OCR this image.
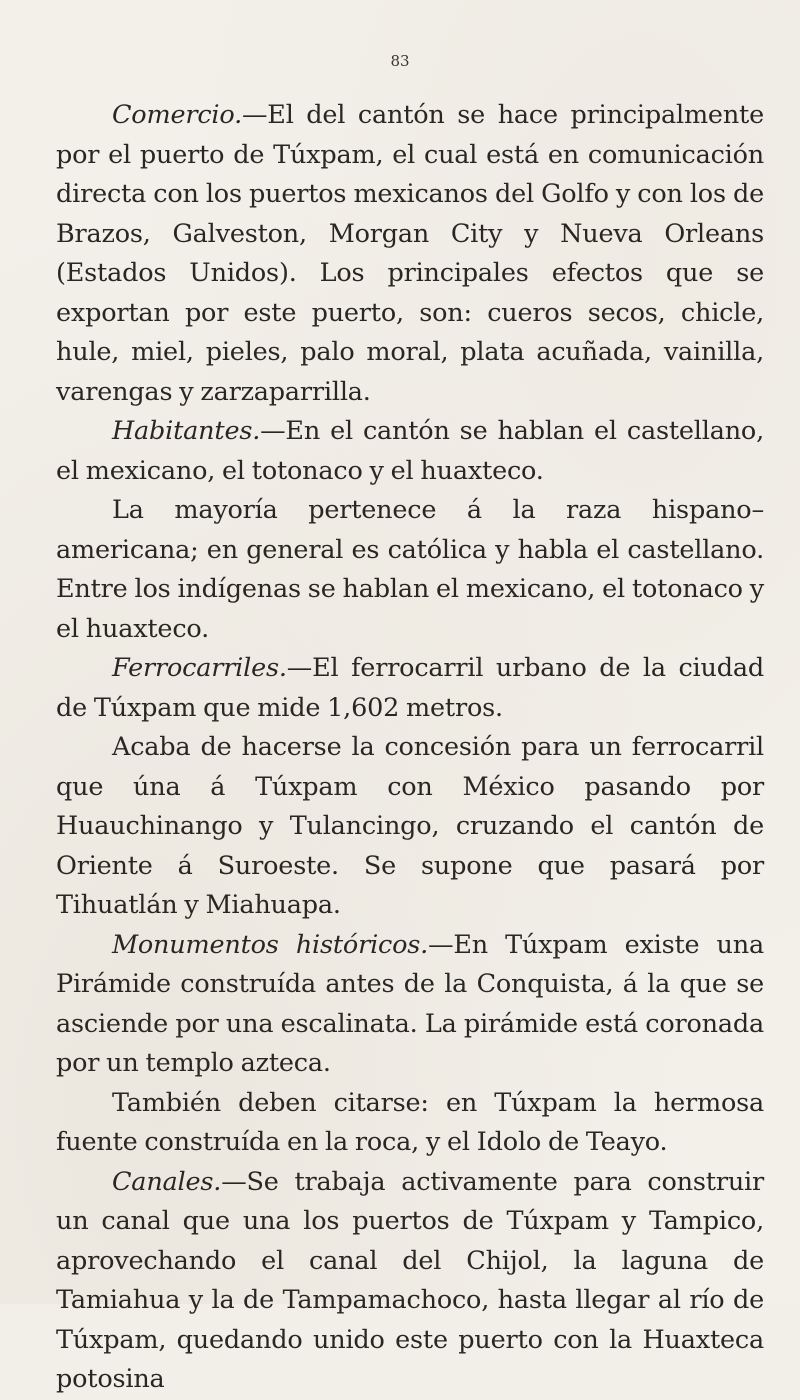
83

Comercio.—El del cantón se hace principalmente por el puerto de Túxpam, el cual está en comunicación directa con los puertos mexicanos del Golfo y con los de Brazos, Galveston, Morgan City y Nueva Orleans (Estados Unidos). Los principales efectos que se exportan por este puerto, son: cueros secos, chicle, hule, miel, pieles, palo moral, plata acuñada, vainilla, varengas y zarzaparrilla.

Habitantes.—En el cantón se hablan el castellano, el mexicano, el totonaco y el huaxteco.

La mayoría pertenece á la raza hispano–americana; en general es católica y habla el castellano. Entre los indígenas se hablan el mexicano, el totonaco y el huaxteco.

Ferrocarriles.—El ferrocarril urbano de la ciudad de Túxpam que mide 1,602 metros.

Acaba de hacerse la concesión para un ferrocarril que úna á Túxpam con México pasando por Huauchinango y Tulancingo, cruzando el cantón de Oriente á Suroeste. Se supone que pasará por Tihuatlán y Miahuapa.

Monumentos históricos.—En Túxpam existe una Pirámide construída antes de la Conquista, á la que se asciende por una escalinata. La pirámide está coronada por un templo azteca.

También deben citarse: en Túxpam la hermosa fuente construída en la roca, y el Idolo de Teayo.

Canales.—Se trabaja activamente para construir un canal que una los puertos de Túxpam y Tampico, aprovechando el canal del Chijol, la laguna de Tamiahua y la de Tampamachoco, hasta llegar al río de Túxpam, quedando unido este puerto con la Huaxteca potosina
